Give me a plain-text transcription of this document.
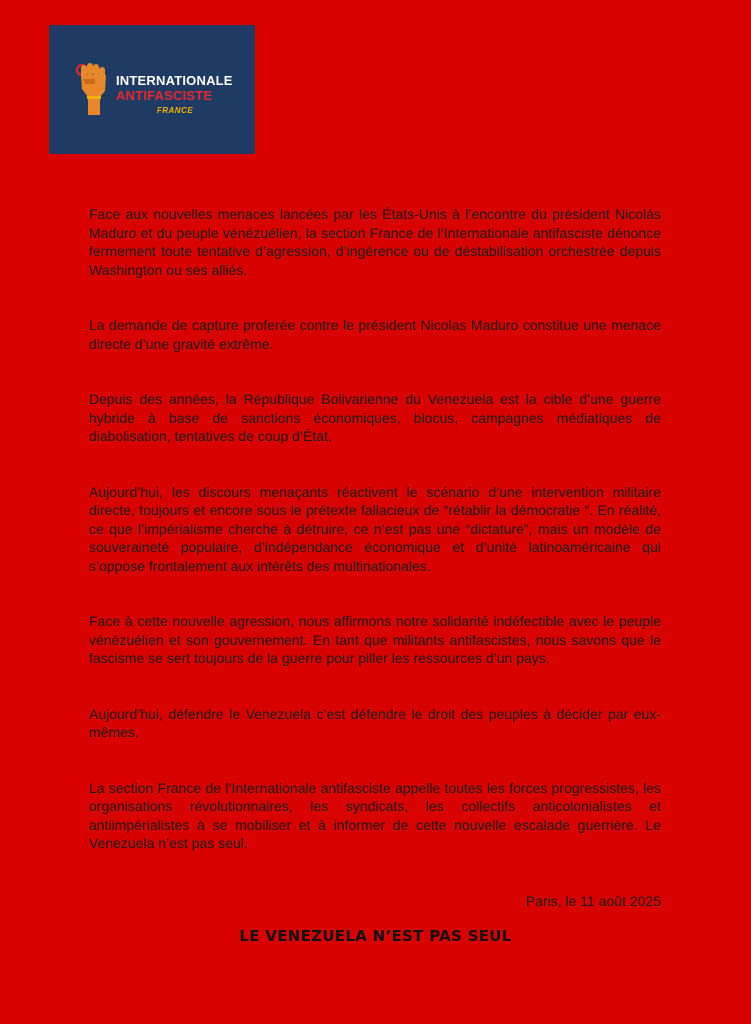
INTERNATIONALE
ANTIFASCISTE
FRANCE

Face aux nouvelles menaces lancées par les États-Unis à l’encontre du président Nicolás Maduro et du peuple vénézuélien, la section France de l’Internationale antifasciste dénonce fermement toute tentative d’agression, d’ingérence ou de déstabilisation orchestrée depuis Washington ou ses alliés.

La demande de capture proferée contre le président Nicolas Maduro constitue une menace directe d’une gravité extrême.

Depuis des années, la République Bolivarienne du Venezuela est la cible d’une guerre hybride à base de sanctions économiques, blocus, campagnes médiatiques de diabolisation, tentatives de coup d’État.

Aujourd’hui, les discours menaçants réactivent le scénario d’une intervention militaire directe, toujours et encore sous le prétexte fallacieux de “rétablir la démocratie “. En réalité, ce que l’impérialisme cherche à détruire, ce n’est pas une “dictature”, mais un modèle de souveraineté populaire, d’indépendance économique et d’unité latinoaméricaine qui s’oppose frontalement aux intérêts des multinationales.

Face à cette nouvelle agression, nous affirmons notre solidarité indéfectible avec le peuple vénézuélien et son gouvernement. En tant que militants antifascistes, nous savons que le fascisme se sert toujours de la guerre pour piller les ressources d’un pays.

Aujourd’hui, défendre le Venezuela c’est défendre le droit des peuples à décider par eux-mêmes.

La section France de l’Internationale antifasciste appelle toutes les forces progressistes, les organisations révolutionnaires, les syndicats, les collectifs anticolonialistes et antiimpérialistes à se mobiliser et à informer de cette nouvelle escalade guerrière. Le Venezuela n’est pas seul.

Paris, le 11 août 2025
LE VENEZUELA N’EST PAS SEUL
